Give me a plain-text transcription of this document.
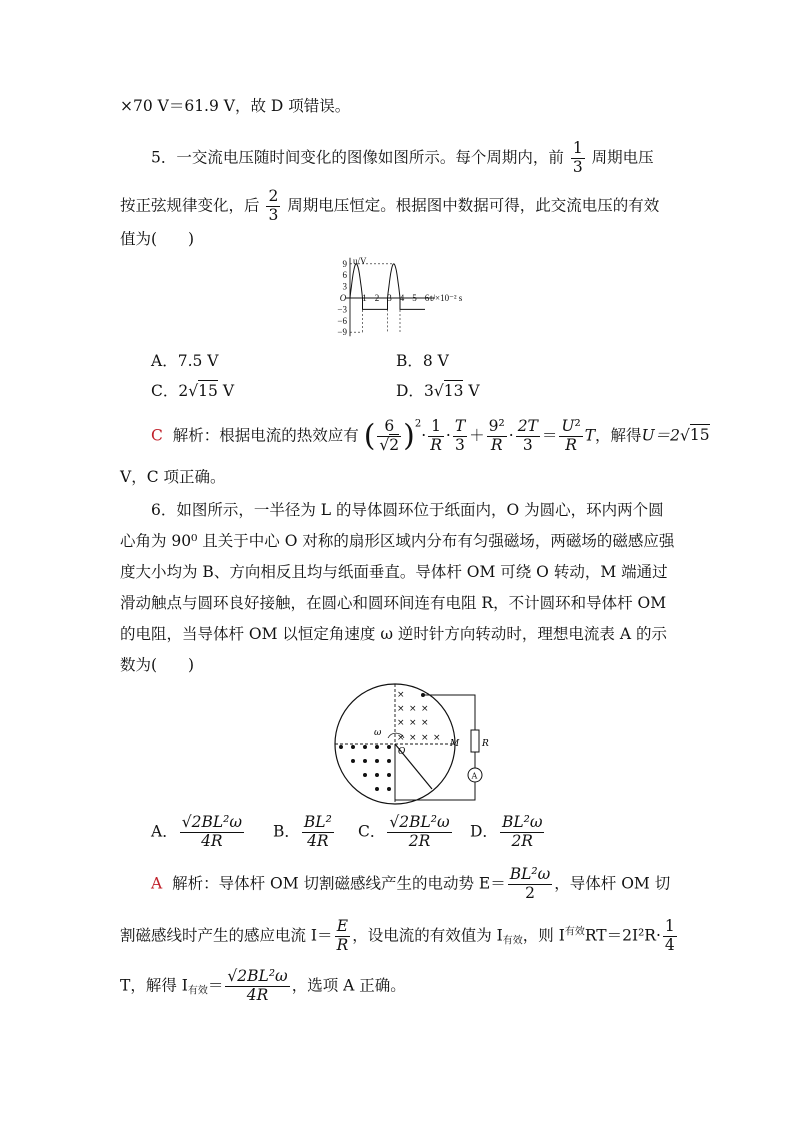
×70 V＝61.9 V，故 D 项错误。
5．一交流电压随时间变化的图像如图所示。每个周期内，前 $\frac{1}{3}$ 周期电压
按正弦规律变化，后 $\frac{2}{3}$ 周期电压恒定。根据图中数据可得，此交流电压的有效
值为(　　)
9
6
3
−3
−6
−9
1 2 3 4 5 6
O
u/V
t/×10⁻² s
A．7.5 V	B．8 V
C．2√15 V	D．3√13 V
C 解析：根据电流的热效应有 ( $\frac{6}{√2} )^2\cdot \frac{1}{R} \cdot \frac{T}{3} + \frac{\text{9²}}{R} \cdot \frac{2T}{3} = \frac{\text{U²}}{R}$ T，解得U＝2√15
V，C 项正确。
6．如图所示，一半径为 L 的导体圆环位于纸面内，O 为圆心，环内两个圆
心角为 90⁰ 且关于中心 O 对称的扇形区域内分布有匀强磁场，两磁场的磁感应强
度大小均为 B、方向相反且均与纸面垂直。导体杆 OM 可绕 O 转动，M 端通过
滑动触点与圆环良好接触，在圆心和圆环间连有电阻 R，不计圆环和导体杆 OM
的电阻，当导体杆 OM 以恒定角速度 ω 逆时针方向转动时，理想电流表 A 的示
数为(　　)
×
× × ×
× × ×
× × × ×
ω
O
R
A
M
A． $\frac{\text{√2BL²ω}}{4R}$ B． $\frac{\text{BL²}}{4R}$ C． $\frac{\text{√2BL²ω}}{2R}$ D． $\frac{\text{BL²ω}}{2R}$
A 解析：导体杆 OM 切割磁感线产生的电动势 $E= \frac{\text{BL²ω}}{2}$ ，导体杆 OM 切
割磁感线时产生的感应电流 $I= \frac{E}{R}$ ，设电流的有效值为 $I_{有效}$，则 $I^{有效}RT=2I^2R\cdot \frac{1}{4}$
T，解得 $I_{有效}= \frac{\text{√2BL²ω}}{4R}$ ，选项 A 正确。
